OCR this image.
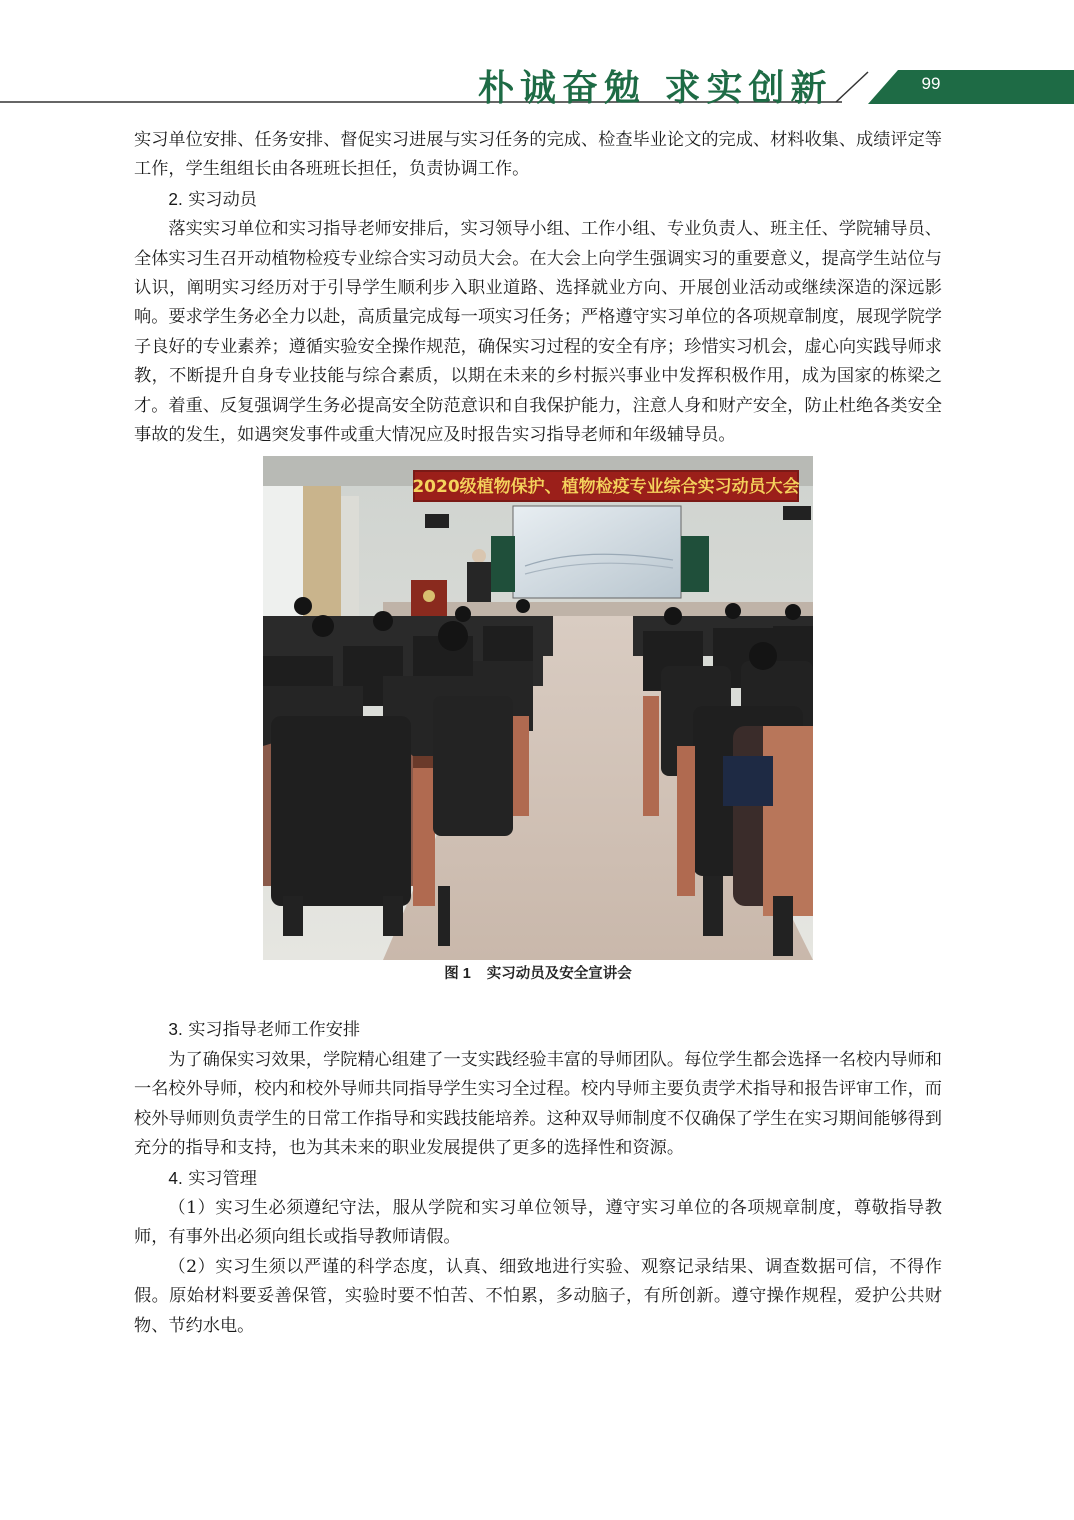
朴诚奋勉 求实创新	99

实习单位安排、任务安排、督促实习进展与实习任务的完成、检查毕业论文的完成、材料收集、成绩评定等工作，学生组组长由各班班长担任，负责协调工作。

2. 实习动员

落实实习单位和实习指导老师安排后，实习领导小组、工作小组、专业负责人、班主任、学院辅导员、全体实习生召开动植物检疫专业综合实习动员大会。在大会上向学生强调实习的重要意义，提高学生站位与认识，阐明实习经历对于引导学生顺利步入职业道路、选择就业方向、开展创业活动或继续深造的深远影响。要求学生务必全力以赴，高质量完成每一项实习任务；严格遵守实习单位的各项规章制度，展现学院学子良好的专业素养；遵循实验安全操作规范，确保实习过程的安全有序；珍惜实习机会，虚心向实践导师求教，不断提升自身专业技能与综合素质，以期在未来的乡村振兴事业中发挥积极作用，成为国家的栋梁之才。着重、反复强调学生务必提高安全防范意识和自我保护能力，注意人身和财产安全，防止杜绝各类安全事故的发生，如遇突发事件或重大情况应及时报告实习指导老师和年级辅导员。

2020级植物保护、植物检疫专业综合实习动员大会
图 1 实习动员及安全宣讲会

3. 实习指导老师工作安排

为了确保实习效果，学院精心组建了一支实践经验丰富的导师团队。每位学生都会选择一名校内导师和一名校外导师，校内和校外导师共同指导学生实习全过程。校内导师主要负责学术指导和报告评审工作，而校外导师则负责学生的日常工作指导和实践技能培养。这种双导师制度不仅确保了学生在实习期间能够得到充分的指导和支持，也为其未来的职业发展提供了更多的选择性和资源。

4. 实习管理

（1）实习生必须遵纪守法，服从学院和实习单位领导，遵守实习单位的各项规章制度，尊敬指导教师，有事外出必须向组长或指导教师请假。

（2）实习生须以严谨的科学态度，认真、细致地进行实验、观察记录结果、调查数据可信，不得作假。原始材料要妥善保管，实验时要不怕苦、不怕累，多动脑子，有所创新。遵守操作规程，爱护公共财物、节约水电。
